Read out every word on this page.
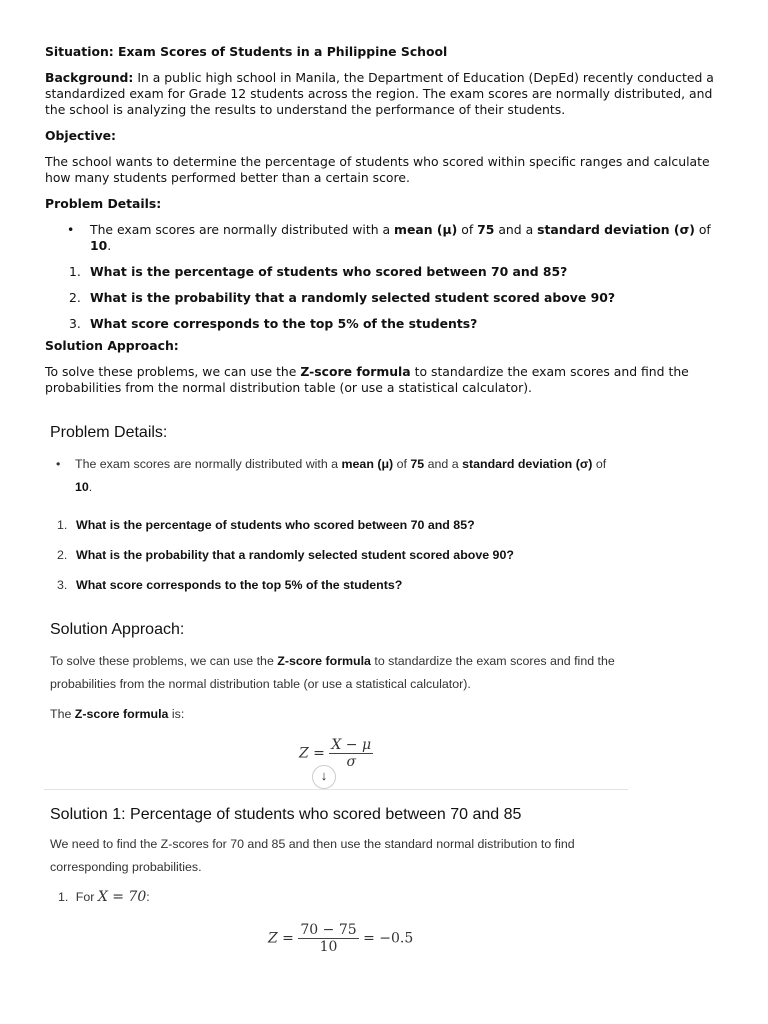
Situation: Exam Scores of Students in a Philippine School

Background: In a public high school in Manila, the Department of Education (DepEd) recently conducted a standardized exam for Grade 12 students across the region. The exam scores are normally distributed, and the school is analyzing the results to understand the performance of their students.

Objective:

The school wants to determine the percentage of students who scored within specific ranges and calculate how many students performed better than a certain score.

Problem Details:

• The exam scores are normally distributed with a mean (μ) of 75 and a standard deviation (σ) of 10.
1. What is the percentage of students who scored between 70 and 85?
2. What is the probability that a randomly selected student scored above 90?
3. What score corresponds to the top 5% of the students?

Solution Approach:

To solve these problems, we can use the Z-score formula to standardize the exam scores and find the probabilities from the normal distribution table (or use a statistical calculator).

Problem Details:
•	The exam scores are normally distributed with a mean (μ) of 75 and a standard deviation (σ) of
10.
1. What is the percentage of students who scored between 70 and 85?
2. What is the probability that a randomly selected student scored above 90?
3. What score corresponds to the top 5% of the students?
Solution Approach:
To solve these problems, we can use the Z-score formula to standardize the exam scores and find the probabilities from the normal distribution table (or use a statistical calculator).
The Z-score formula is:
$Z = \frac{X - \mu}{\sigma}$
↓
Solution 1: Percentage of students who scored between 70 and 85
We need to find the Z-scores for 70 and 85 and then use the standard normal distribution to find corresponding probabilities.
1. For X = 70:
$Z = \frac{70 - 75}{10} = -0.5$
